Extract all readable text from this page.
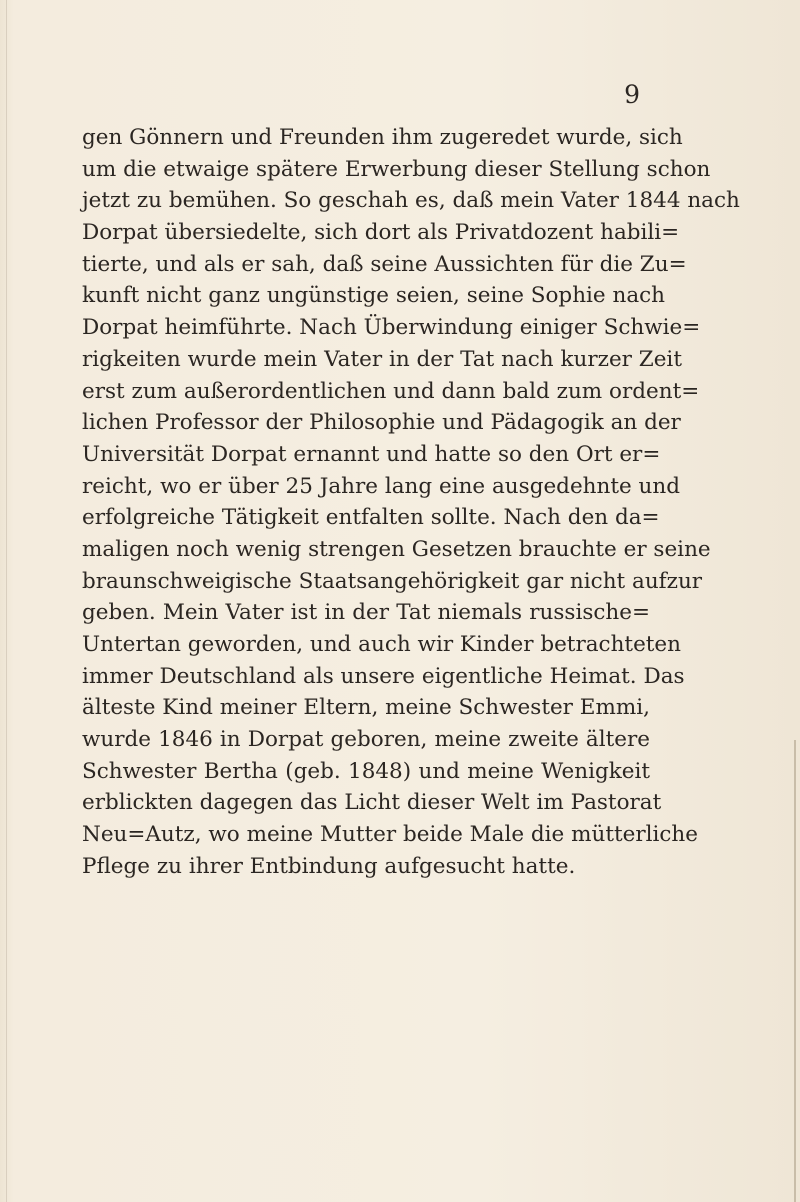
9
gen Gönnern und Freunden ihm zugeredet wurde, sich
um die etwaige spätere Erwerbung dieser Stellung schon
jetzt zu bemühen. So geschah es, daß mein Vater 1844 nach
Dorpat übersiedelte, sich dort als Privatdozent habili=
tierte, und als er sah, daß seine Aussichten für die Zu=
kunft nicht ganz ungünstige seien, seine Sophie nach
Dorpat heimführte. Nach Überwindung einiger Schwie=
rigkeiten wurde mein Vater in der Tat nach kurzer Zeit
erst zum außerordentlichen und dann bald zum ordent=
lichen Professor der Philosophie und Pädagogik an der
Universität Dorpat ernannt und hatte so den Ort er=
reicht, wo er über 25 Jahre lang eine ausgedehnte und
erfolgreiche Tätigkeit entfalten sollte. Nach den da=
maligen noch wenig strengen Gesetzen brauchte er seine
braunschweigische Staatsangehörigkeit gar nicht aufzur
geben. Mein Vater ist in der Tat niemals russische=
Untertan geworden, und auch wir Kinder betrachteten
immer Deutschland als unsere eigentliche Heimat. Das
älteste Kind meiner Eltern, meine Schwester Emmi,
wurde 1846 in Dorpat geboren, meine zweite ältere
Schwester Bertha (geb. 1848) und meine Wenigkeit
erblickten dagegen das Licht dieser Welt im Pastorat
Neu=Autz, wo meine Mutter beide Male die mütterliche
Pflege zu ihrer Entbindung aufgesucht hatte.
